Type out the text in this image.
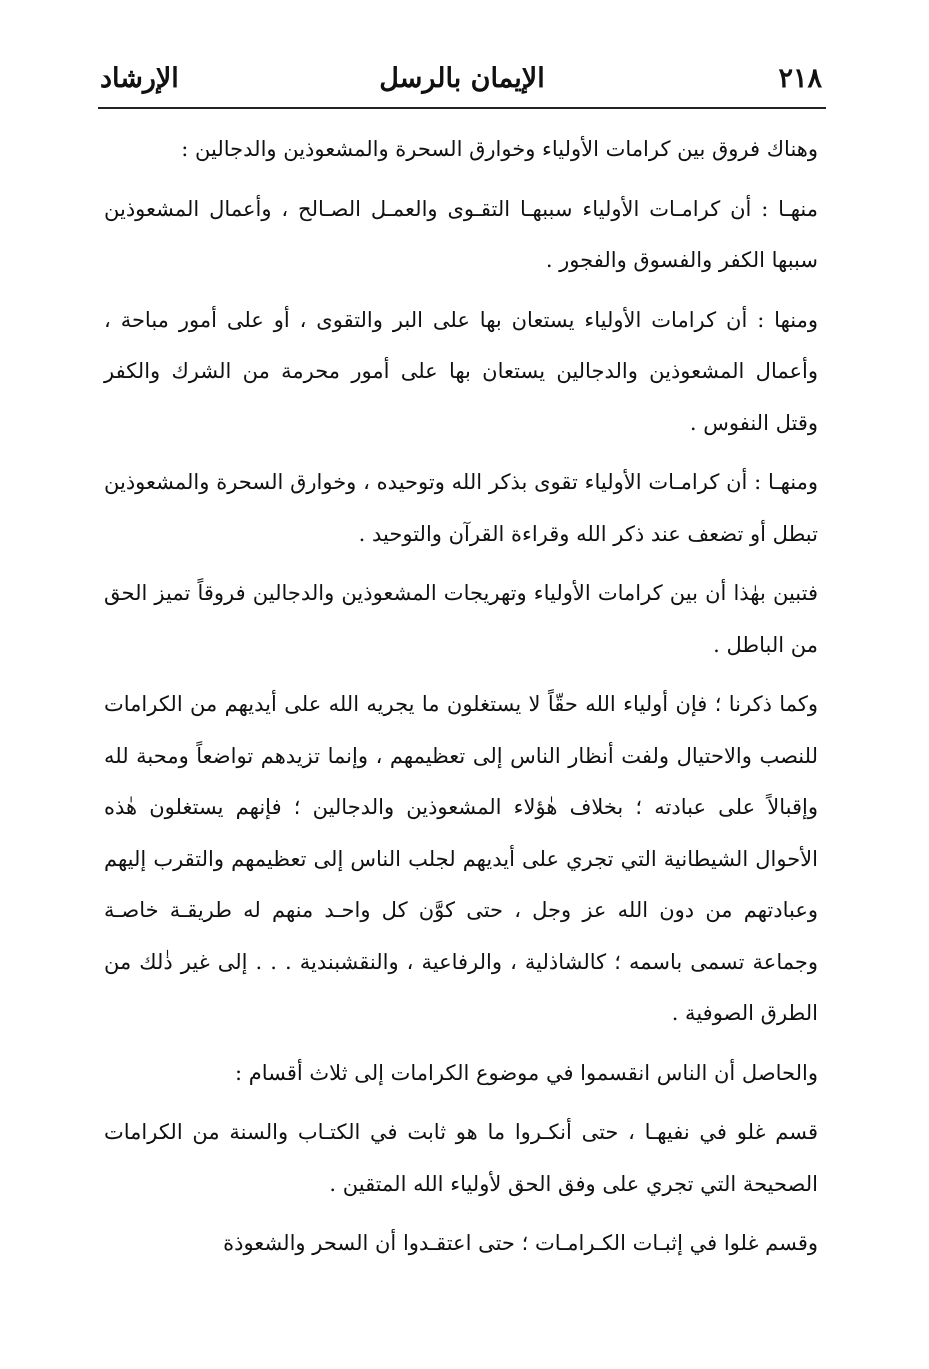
٢١٨
الإيمان بالرسل
الإرشاد

وهناك فروق بين كرامات الأولياء وخوارق السحرة والمشعوذين والدجالين :

منهـا : أن كرامـات الأولياء سببهـا التقـوى والعمـل الصـالح ، وأعمال المشعوذين سببها الكفر والفسوق والفجور .

ومنها : أن كرامات الأولياء يستعان بها على البر والتقوى ، أو على أمور مباحة ، وأعمال المشعوذين والدجالين يستعان بها على أمور محرمة من الشرك والكفر وقتل النفوس .

ومنهـا : أن كرامـات الأولياء تقوى بذكر الله وتوحيده ، وخوارق السحرة والمشعوذين تبطل أو تضعف عند ذكر الله وقراءة القرآن والتوحيد .

فتبين بهٰذا أن بين كرامات الأولياء وتهريجات المشعوذين والدجالين فروقاً تميز الحق من الباطل .

وكما ذكرنا ؛ فإن أولياء الله حقّاً لا يستغلون ما يجريه الله على أيديهم من الكرامات للنصب والاحتيال ولفت أنظار الناس إلى تعظيمهم ، وإنما تزيدهم تواضعاً ومحبة لله وإقبالاً على عبادته ؛ بخلاف هٰؤلاء المشعوذين والدجالين ؛ فإنهم يستغلون هٰذه الأحوال الشيطانية التي تجري على أيديهم لجلب الناس إلى تعظيمهم والتقرب إليهم وعبادتهم من دون الله عز وجل ، حتى كوَّن كل واحـد منهم له طريقـة خاصـة وجماعة تسمى باسمه ؛ كالشاذلية ، والرفاعية ، والنقشبندية . . . إلى غير ذٰلك من الطرق الصوفية .

والحاصل أن الناس انقسموا في موضوع الكرامات إلى ثلاث أقسام :

قسم غلو في نفيهـا ، حتى أنكـروا ما هو ثابت في الكتـاب والسنة من الكرامات الصحيحة التي تجري على وفق الحق لأولياء الله المتقين .

وقسم غلوا في إثبـات الكـرامـات ؛ حتى اعتقـدوا أن السحر والشعوذة
